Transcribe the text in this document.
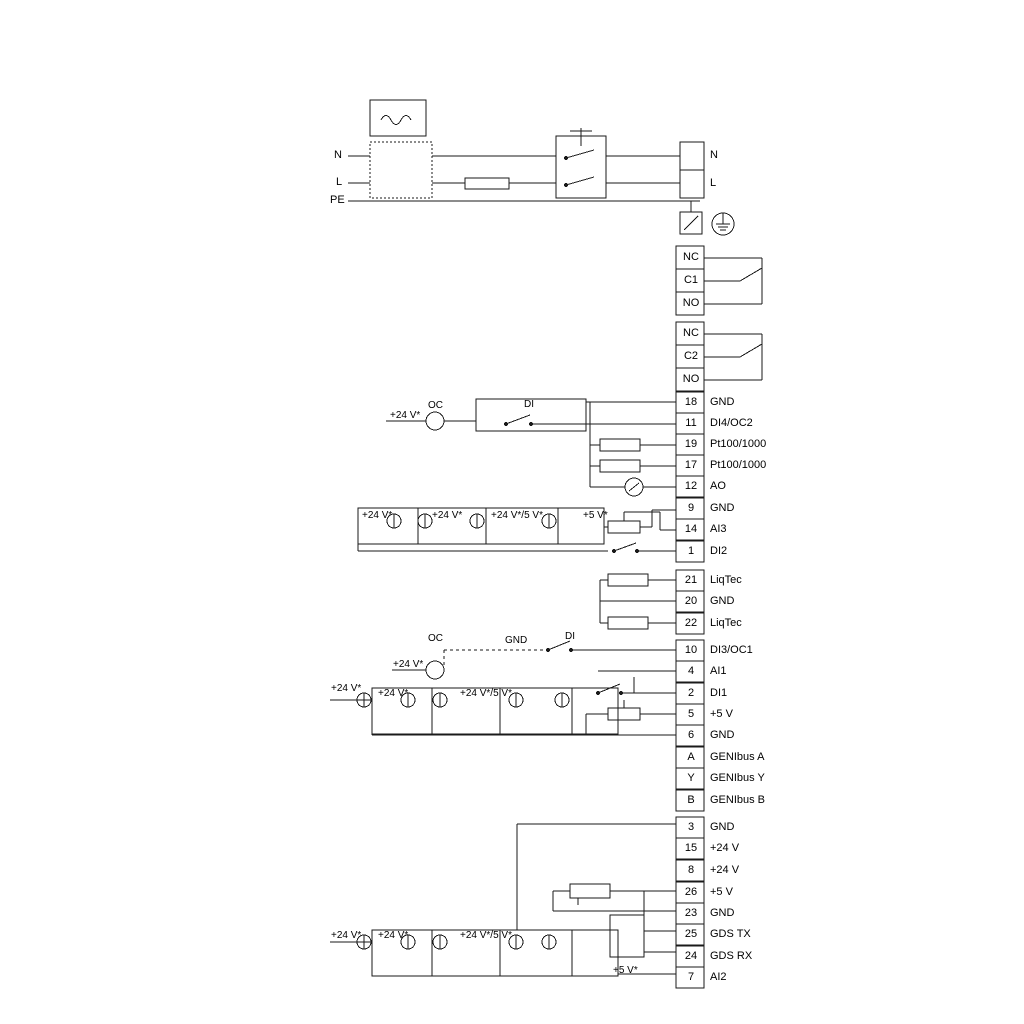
N
L
PE
N
L
NC
C1
NO
NC
C2
NO
18	GND
11	DI4/OC2
19	Pt100/1000
17	Pt100/1000
12	AO
9	GND
14	AI3
1	DI2
21	LiqTec
20	GND
22	LiqTec
10	DI3/OC1
4	AI1
2	DI1
5	+5 V
6	GND
A	GENIbus A
Y	GENIbus Y
B	GENIbus B
3	GND
15	+24 V
8	+24 V
26	+5 V
23	GND
25	GDS TX
24	GDS RX
7	AI2
OC	DI
+24 V*
+24 V*	+24 V*	+24 V*/5 V*	+5 V*
OC	GND	DI
+24 V*
+24 V* +24 V*	+24 V*/5 V*
+24 V* +24 V*	+24 V*/5 V*
+5 V*
